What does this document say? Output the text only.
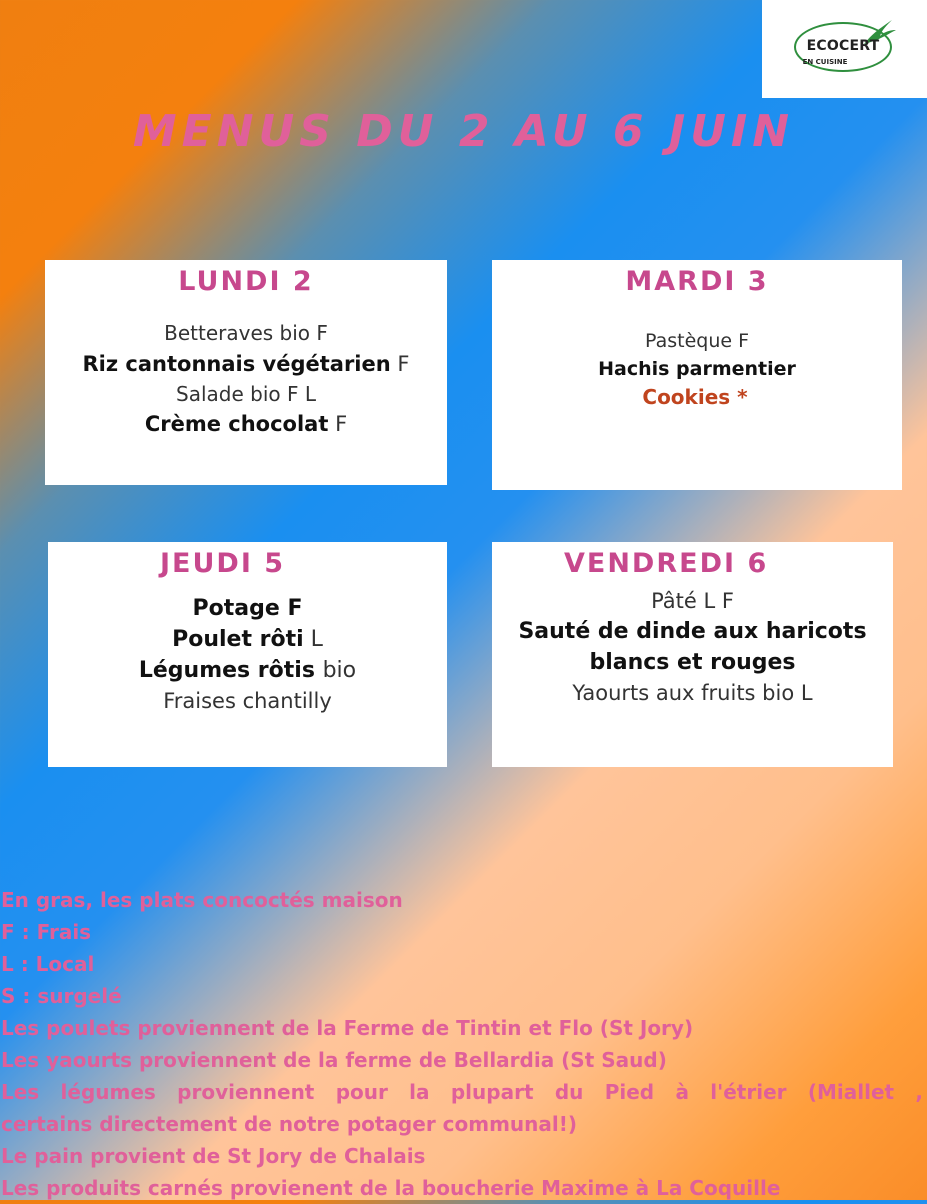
ECOCERT
EN CUISINE
MENUS DU 2 AU 6 JUIN
LUNDI 2
Betteraves bio F
Riz cantonnais végétarien F
Salade bio F L
Crème chocolat F
MARDI 3
Pastèque F
Hachis parmentier
Cookies *
JEUDI 5
Potage F
Poulet rôti L
Légumes rôtis bio
Fraises chantilly
VENDREDI 6
Pâté L F
Sauté de dinde aux haricots
blancs et rouges
Yaourts aux fruits bio L
En gras, les plats concoctés maison
F : Frais
L : Local
S : surgelé
Les poulets proviennent de la Ferme de Tintin et Flo (St Jory)
Les yaourts proviennent de la ferme de Bellardia (St Saud)
Les légumes proviennent pour la plupart du Pied à l'étrier (Miallet ,
certains directement de notre potager communal!)
Le pain provient de St Jory de Chalais
Les produits carnés provienent de la boucherie Maxime à La Coquille
